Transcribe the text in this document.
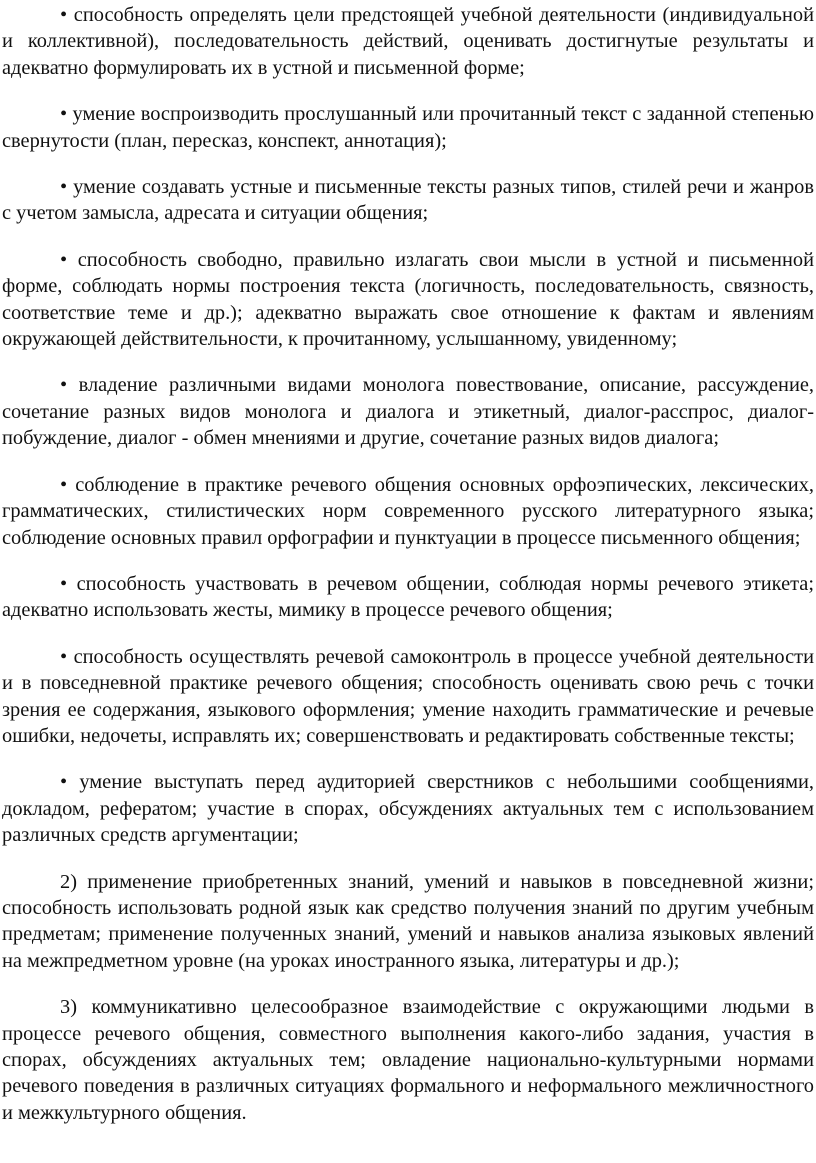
• способность определять цели предстоящей учебной деятельности (индивидуальной и коллективной), последовательность действий, оценивать достигнутые результаты и адекватно формулировать их в устной и письменной форме;

• умение воспроизводить прослушанный или прочитанный текст с заданной степенью свернутости (план, пересказ, конспект, аннотация);

• умение создавать устные и письменные тексты разных типов, стилей речи и жанров с учетом замысла, адресата и ситуации общения;

• способность свободно, правильно излагать свои мысли в устной и письменной форме, соблюдать нормы построения текста (логичность, последовательность, связность, соответствие теме и др.); адекватно выражать свое отношение к фактам и явлениям окружающей действительности, к прочитанному, услышанному, увиденному;

• владение различными видами монолога повествование, описание, рассуждение, сочетание разных видов монолога и диалога и этикетный, диалог-расспрос, диалог-побуждение, диалог - обмен мнениями и другие, сочетание разных видов диалога;

• соблюдение в практике речевого общения основных орфоэпических, лексических, грамматических, стилистических норм современного русского литературного языка; соблюдение основных правил орфографии и пунктуации в процессе письменного общения;

• способность участвовать в речевом общении, соблюдая нормы речевого этикета; адекватно использовать жесты, мимику в процессе речевого общения;

• способность осуществлять речевой самоконтроль в процессе учебной деятельности и в повседневной практике речевого общения; способность оценивать свою речь с точки зрения ее содержания, языкового оформления; умение находить грамматические и речевые ошибки, недочеты, исправлять их; совершенствовать и редактировать собственные тексты;

• умение выступать перед аудиторией сверстников с небольшими сообщениями, докладом, рефератом; участие в спорах, обсуждениях актуальных тем с использованием различных средств аргументации;

2) применение приобретенных знаний, умений и навыков в повседневной жизни; способность использовать родной язык как средство получения знаний по другим учебным предметам; применение полученных знаний, умений и навыков анализа языковых явлений на межпредметном уровне (на уроках иностранного языка, литературы и др.);

3) коммуникативно целесообразное взаимодействие с окружающими людьми в процессе речевого общения, совместного выполнения какого-либо задания, участия в спорах, обсуждениях актуальных тем; овладение национально-культурными нормами речевого поведения в различных ситуациях формального и неформального межличностного и межкультурного общения.
